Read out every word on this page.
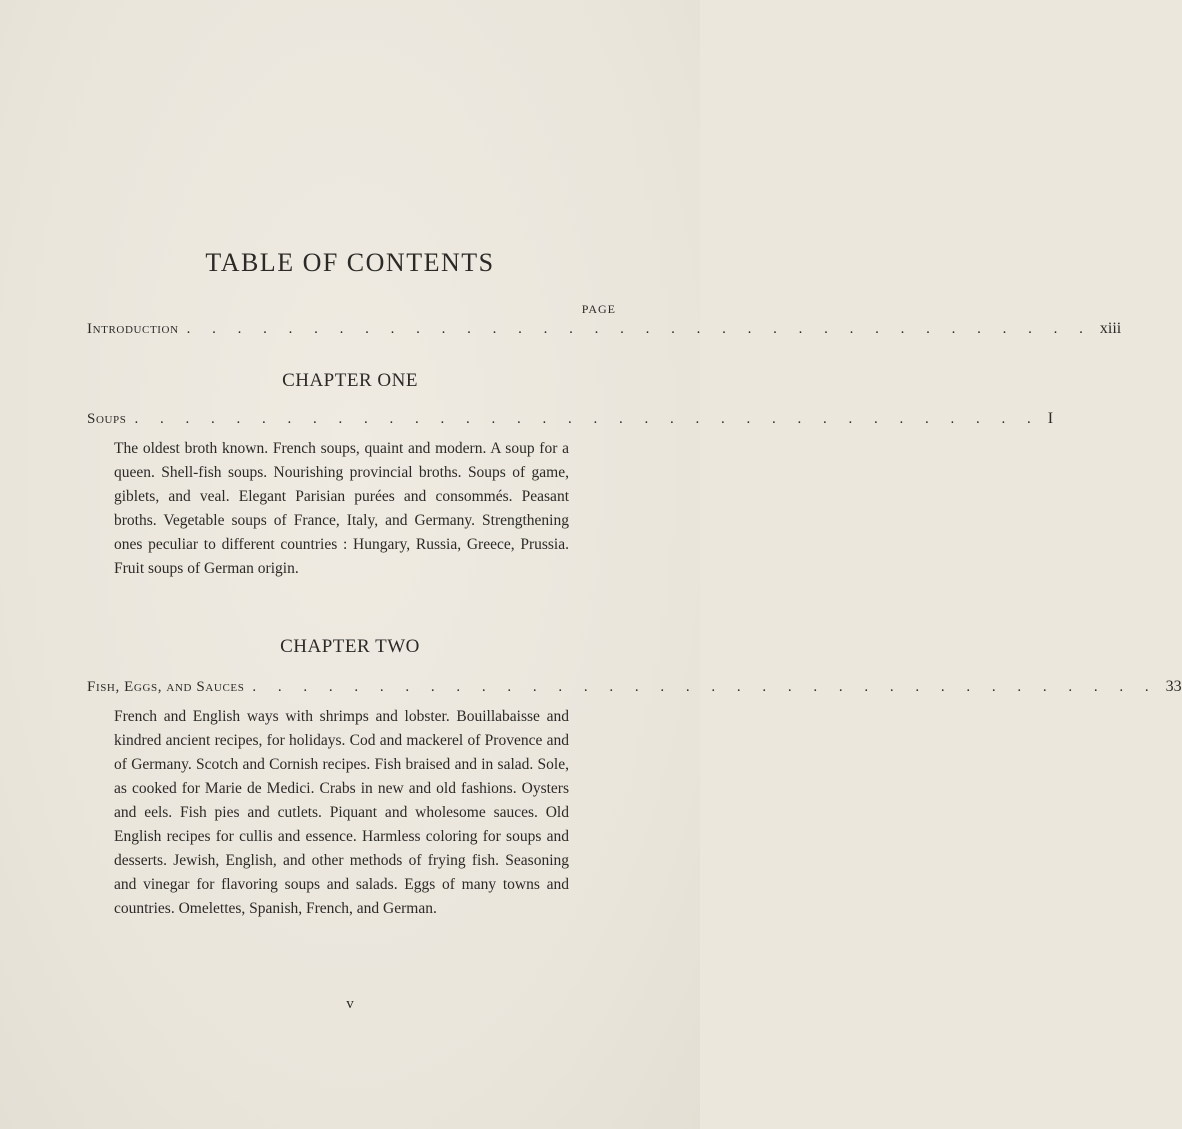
TABLE OF CONTENTS
PAGE
Introduction . . . . . . . . . . . . . . . . . . . . . . . . . . . . . . . . . . . . xiii
CHAPTER ONE
Soups . . . . . . . . . . . . . . . . . . . . . . . . . . . . . . . . . . . . I
The oldest broth known. French soups, quaint and modern. A soup for a queen. Shell-fish soups. Nourishing provincial broths. Soups of game, giblets, and veal. Elegant Parisian purées and consommés. Peasant broths. Vegetable soups of France, Italy, and Germany. Strengthening ones peculiar to different countries : Hungary, Russia, Greece, Prussia. Fruit soups of German origin.
CHAPTER TWO
Fish, Eggs, and Sauces . . . . . . . . . . . . . . . . . . . . . . . . . . . . . . . . . . . . 33
French and English ways with shrimps and lobster. Bouillabaisse and kindred ancient recipes, for holidays. Cod and mackerel of Provence and of Germany. Scotch and Cornish recipes. Fish braised and in salad. Sole, as cooked for Marie de Medici. Crabs in new and old fashions. Oysters and eels. Fish pies and cutlets. Piquant and wholesome sauces. Old English recipes for cullis and essence. Harmless coloring for soups and desserts. Jewish, English, and other methods of frying fish. Seasoning and vinegar for flavoring soups and salads. Eggs of many towns and countries. Omelettes, Spanish, French, and German.
v
